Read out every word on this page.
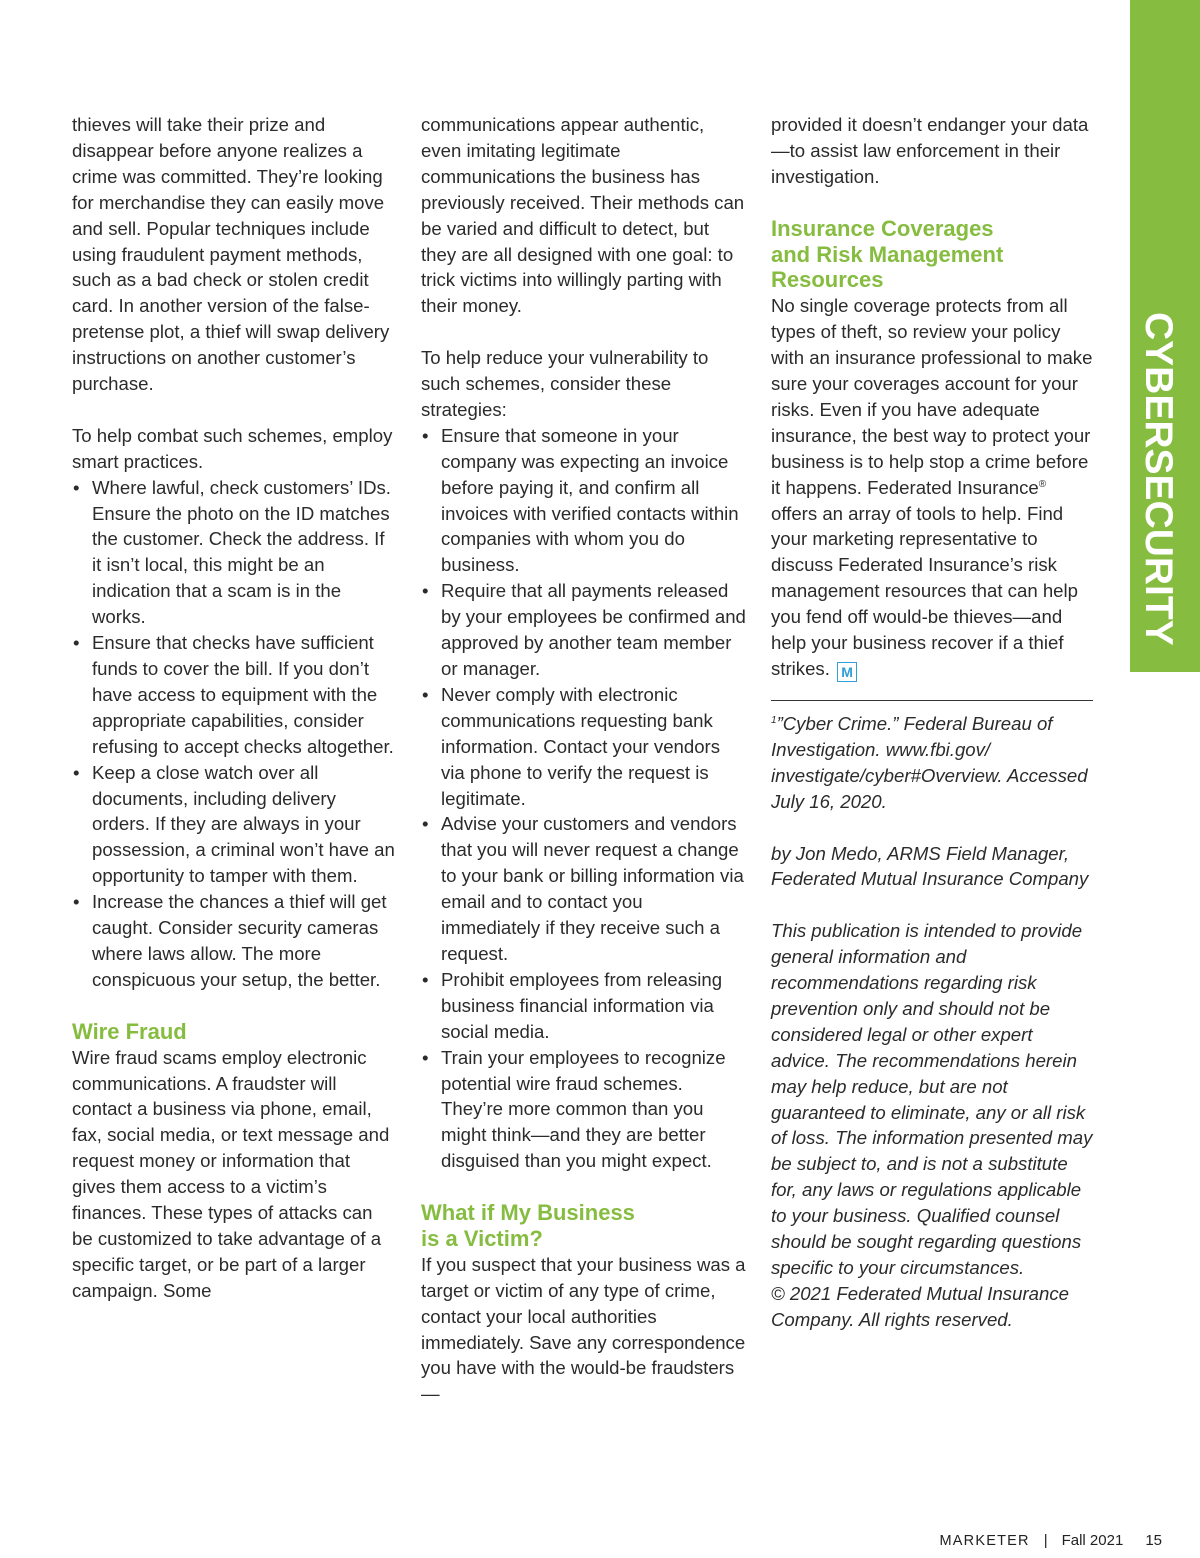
CYBERSECURITY

thieves will take their prize and disappear before anyone realizes a crime was committed. They’re looking for merchandise they can easily move and sell. Popular techniques include using fraudulent payment methods, such as a bad check or stolen credit card. In another version of the false-pretense plot, a thief will swap delivery instructions on another customer’s purchase.

To help combat such schemes, employ smart practices.

• Where lawful, check customers’ IDs. Ensure the photo on the ID matches the customer. Check the address. If it isn’t local, this might be an indication that a scam is in the works.
• Ensure that checks have sufficient funds to cover the bill. If you don’t have access to equipment with the appropriate capabilities, consider refusing to accept checks altogether.
• Keep a close watch over all documents, including delivery orders. If they are always in your possession, a criminal won’t have an opportunity to tamper with them.
• Increase the chances a thief will get caught. Consider security cameras where laws allow. The more conspicuous your setup, the better.
Wire Fraud

Wire fraud scams employ electronic communications. A fraudster will contact a business via phone, email, fax, social media, or text message and request money or information that gives them access to a victim’s finances. These types of attacks can be customized to take advantage of a specific target, or be part of a larger campaign. Some

communications appear authentic, even imitating legitimate communications the business has previously received. Their methods can be varied and difficult to detect, but they are all designed with one goal: to trick victims into willingly parting with their money.

To help reduce your vulnerability to such schemes, consider these strategies:

• Ensure that someone in your company was expecting an invoice before paying it, and confirm all invoices with verified contacts within companies with whom you do business.
• Require that all payments released by your employees be confirmed and approved by another team member or manager.
• Never comply with electronic communications requesting bank information. Contact your vendors via phone to verify the request is legitimate.
• Advise your customers and vendors that you will never request a change to your bank or billing information via email and to contact you immediately if they receive such a request.
• Prohibit employees from releasing business financial information via social media.
• Train your employees to recognize potential wire fraud schemes. They’re more common than you might think—and they are better disguised than you might expect.
What if My Business
is a Victim?

If you suspect that your business was a target or victim of any type of crime, contact your local authorities immediately. Save any correspondence you have with the would-be fraudsters—

provided it doesn’t endanger your data—to assist law enforcement in their investigation.

Insurance Coverages
and Risk Management
Resources

No single coverage protects from all types of theft, so review your policy with an insurance professional to make sure your coverages account for your risks. Even if you have adequate insurance, the best way to protect your business is to help stop a crime before it happens. Federated Insurance® offers an array of tools to help. Find your marketing representative to discuss Federated Insurance’s risk management resources that can help you fend off would-be thieves—and help your business recover if a thief strikes. M

$^1$”Cyber Crime.” Federal Bureau of Investigation. www.fbi.gov/ investigate/cyber#Overview. Accessed July 16, 2020.

by Jon Medo, ARMS Field Manager, Federated Mutual Insurance Company

This publication is intended to provide general information and recommendations regarding risk prevention only and should not be considered legal or other expert advice. The recommendations herein may help reduce, but are not guaranteed to eliminate, any or all risk of loss. The information presented may be subject to, and is not a substitute for, any laws or regulations applicable to your business. Qualified counsel should be sought regarding questions specific to your circumstances.

© 2021 Federated Mutual Insurance Company. All rights reserved.

MARKETER | Fall 2021 15
